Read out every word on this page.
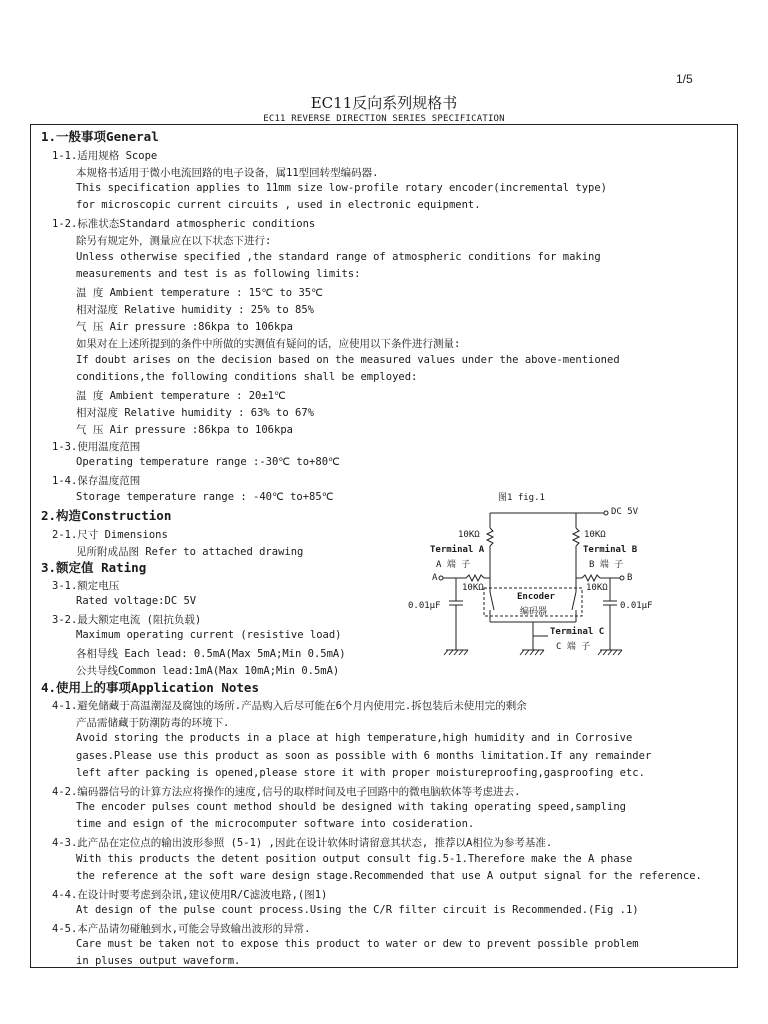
1/5
EC11反向系列规格书
EC11 REVERSE DIRECTION SERIES SPECIFICATION
1.一般事项General
1-1.适用规格 Scope
本规格书适用于微小电流回路的电子设备，属11型回转型编码器.
This specification applies to 11mm size low-profile rotary encoder(incremental type)
for microscopic current circuits , used in electronic equipment.
1-2.标准状态Standard atmospheric conditions
除另有规定外，测量应在以下状态下进行:
Unless otherwise specified ,the standard range of atmospheric conditions for making
measurements and test is as following limits:
温 度 Ambient temperature : 15℃ to 35℃
相对湿度 Relative humidity : 25% to 85%
气 压 Air pressure :86kpa to 106kpa
如果对在上述所提到的条件中所做的实测值有疑问的话，应使用以下条件进行测量:
If doubt arises on the decision based on the measured values under the above-mentioned
conditions,the following conditions shall be employed:
温 度 Ambient temperature : 20±1℃
相对湿度 Relative humidity : 63% to 67%
气 压 Air pressure :86kpa to 106kpa
1-3.使用温度范围
Operating temperature range :-30℃ to+80℃
1-4.保存温度范围
Storage temperature range : -40℃ to+85℃
2.构造Construction
2-1.尺寸 Dimensions
见所附成品图 Refer to attached drawing
3.额定值 Rating
3-1.额定电压
Rated voltage:DC 5V
3-2.最大额定电流 (阻抗负载)
Maximum operating current (resistive load)
各相导线 Each lead: 0.5mA(Max 5mA;Min 0.5mA)
公共导线Common lead:1mA(Max 10mA;Min 0.5mA)
图1 fig.1
DC 5V
10KΩ	10KΩ
Terminal A
A 端 子
Terminal B
B 端 子
A	B
10KΩ	10KΩ
0.01μF	0.01μF
Encoder
编码器
Terminal C
C 端 子
4.使用上的事项Application Notes
4-1.避免储藏于高温潮湿及腐蚀的场所.产品购入后尽可能在6个月内使用完.拆包装后未使用完的剩余
产品需储藏于防潮防毒的环境下.
Avoid storing the products in a place at high temperature,high humidity and in Corrosive
gases.Please use this product as soon as possible with 6 months limitation.If any remainder
left after packing is opened,please store it with proper moistureproofing,gasproofing etc.
4-2.编码器信号的计算方法应将操作的速度,信号的取样时间及电子回路中的微电脑软体等考虑进去.
The encoder pulses count method should be designed with taking operating speed,sampling
time and esign of the microcomputer software into cosideration.
4-3.此产品在定位点的输出波形参照 (5-1) ,因此在设计软体时请留意其状态, 推荐以A相位为参考基准.
With this products the detent position output consult fig.5-1.Therefore make the A phase
the reference at the soft ware design stage.Recommended that use A output signal for the reference.
4-4.在设计时要考虑到杂讯,建议使用R/C滤波电路,(图1)
At design of the pulse count process.Using the C/R filter circuit is Recommended.(Fig .1)
4-5.本产品请勿碰触到水,可能会导致输出波形的异常.
Care must be taken not to expose this product to water or dew to prevent possible problem
in pluses output waveform.
